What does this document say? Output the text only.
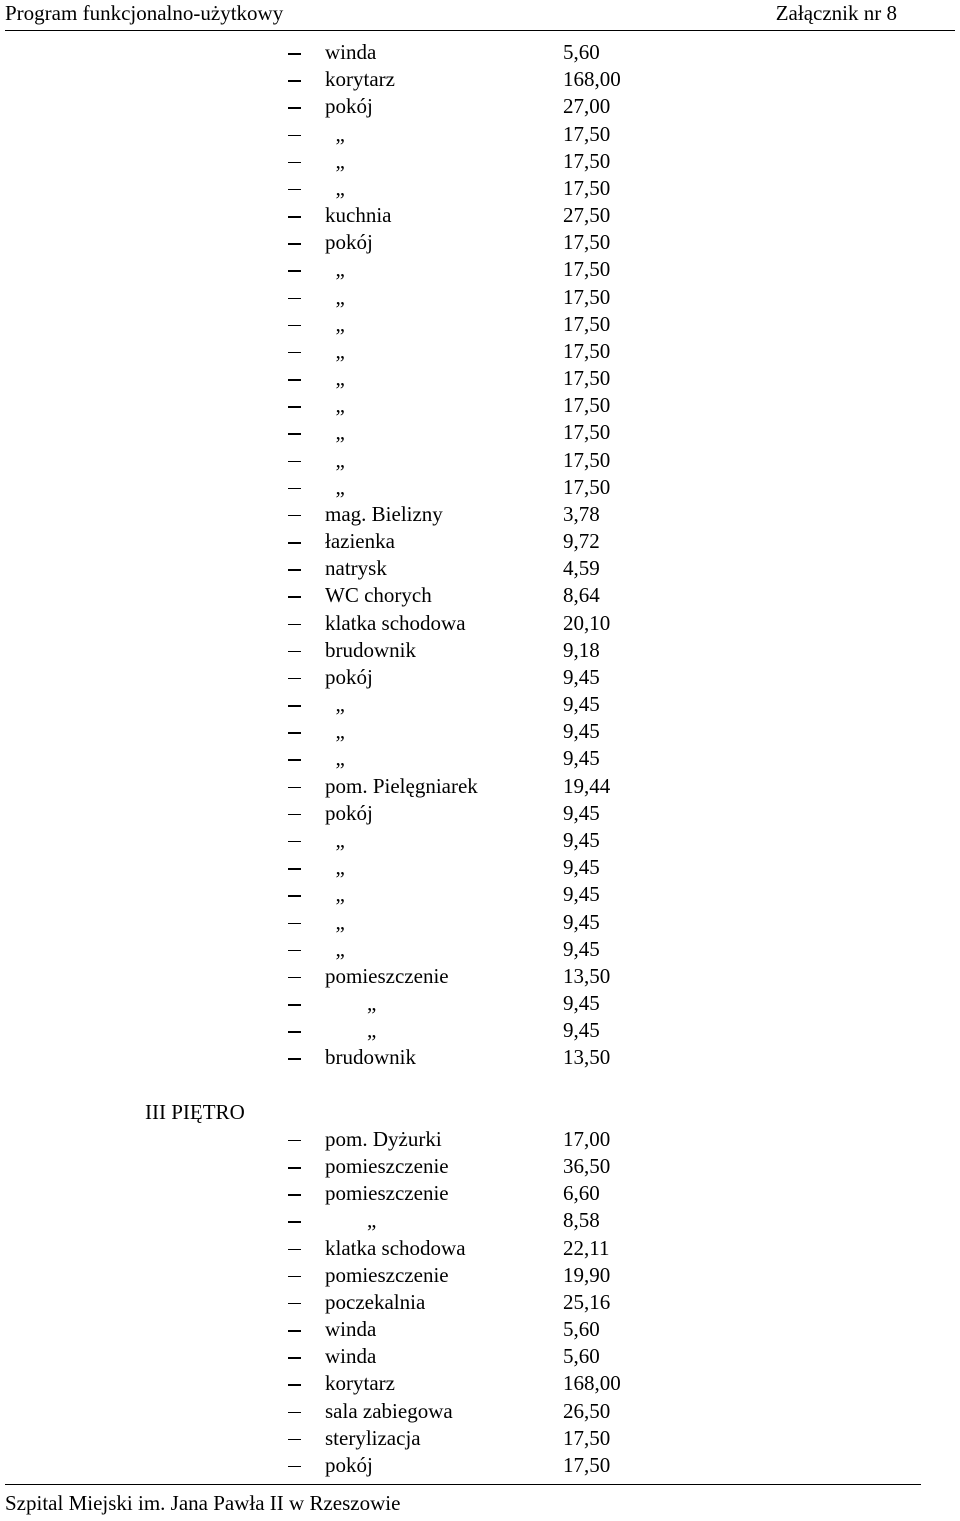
Program funkcjonalno-użytkowy	Załącznik nr 8
winda	5,60
korytarz	168,00
pokój	27,00
„	17,50
„	17,50
„	17,50
kuchnia	27,50
pokój	17,50
„	17,50
„	17,50
„	17,50
„	17,50
„	17,50
„	17,50
„	17,50
„	17,50
„	17,50
mag. Bielizny	3,78
łazienka	9,72
natrysk	4,59
WC chorych	8,64
klatka schodowa	20,10
brudownik	9,18
pokój	9,45
„	9,45
„	9,45
„	9,45
pom. Pielęgniarek	19,44
pokój	9,45
„	9,45
„	9,45
„	9,45
„	9,45
„	9,45
pomieszczenie	13,50
„	9,45
„	9,45
brudownik	13,50
III PIĘTRO
pom. Dyżurki	17,00
pomieszczenie	36,50
pomieszczenie	6,60
„	8,58
klatka schodowa	22,11
pomieszczenie	19,90
poczekalnia	25,16
winda	5,60
winda	5,60
korytarz	168,00
sala zabiegowa	26,50
sterylizacja	17,50
pokój	17,50
Szpital Miejski im. Jana Pawła II w Rzeszowie
